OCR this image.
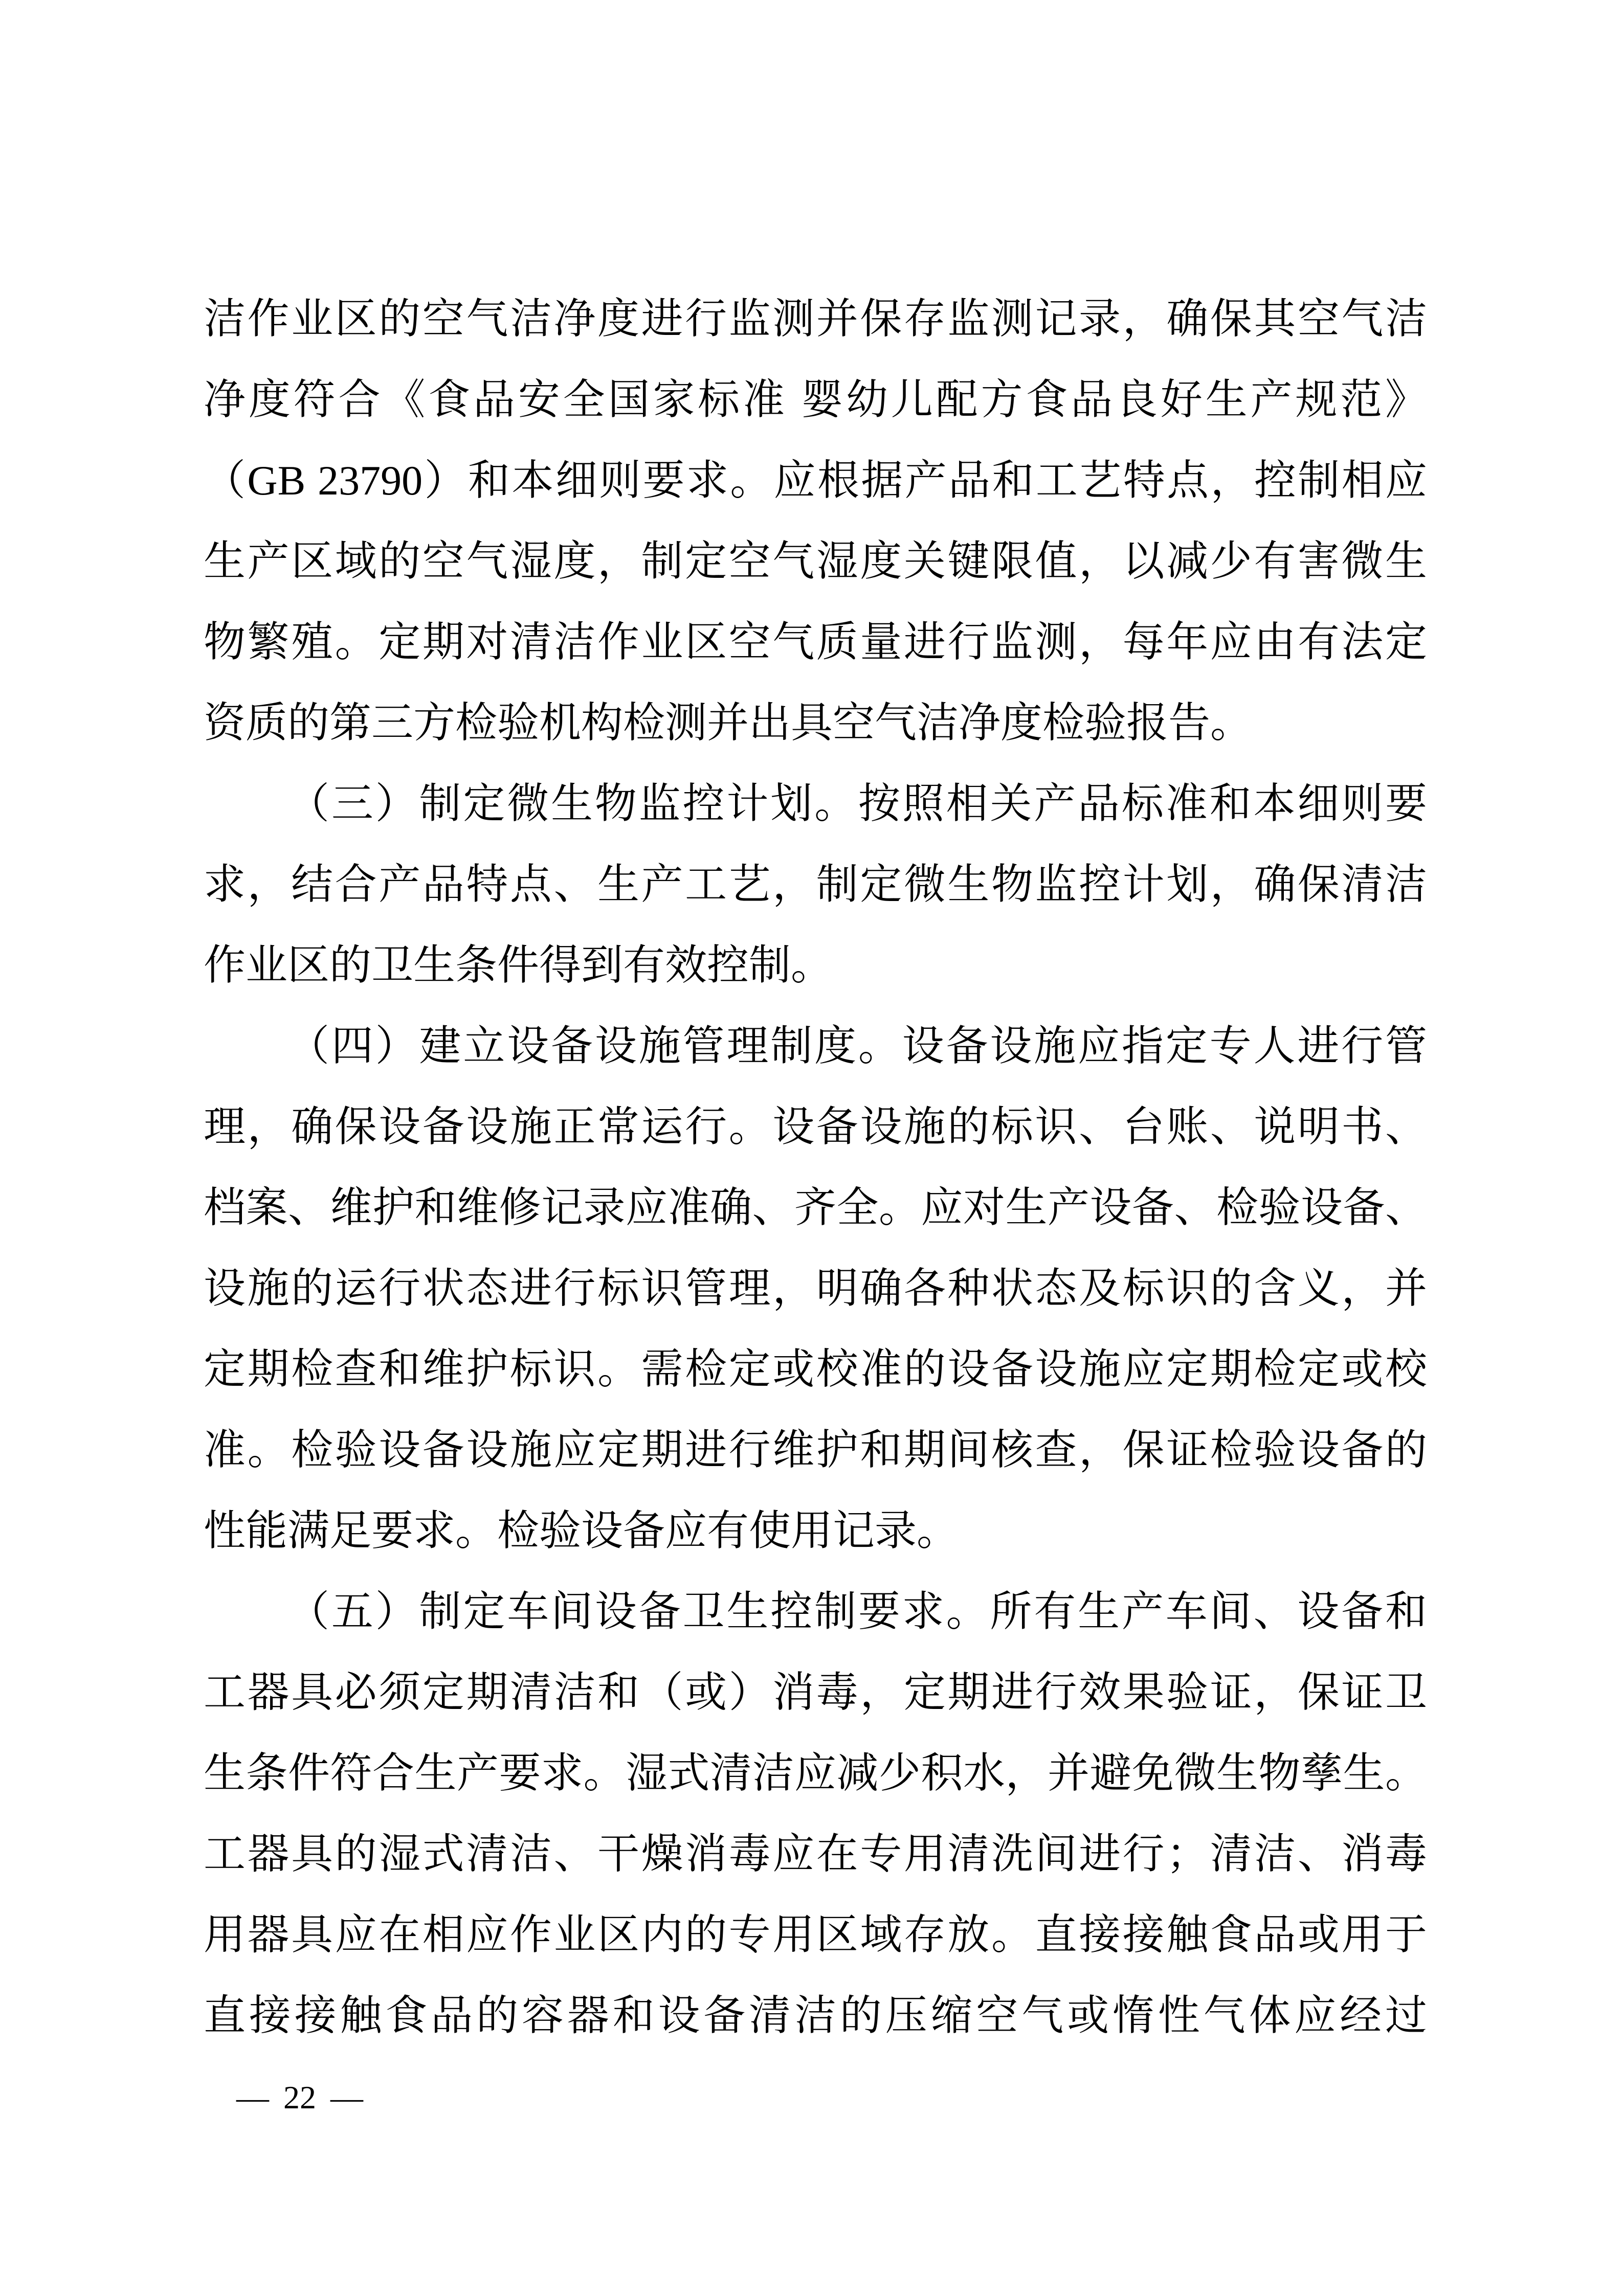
洁作业区的空气洁净度进行监测并保存监测记录，确保其空气洁
净度符合《食品安全国家标准 婴幼儿配方食品良好生产规范》
（GB 23790）和本细则要求。应根据产品和工艺特点，控制相应
生产区域的空气湿度，制定空气湿度关键限值，以减少有害微生
物繁殖。定期对清洁作业区空气质量进行监测，每年应由有法定
资质的第三方检验机构检测并出具空气洁净度检验报告。
（三）制定微生物监控计划。按照相关产品标准和本细则要
求，结合产品特点、生产工艺，制定微生物监控计划，确保清洁
作业区的卫生条件得到有效控制。
（四）建立设备设施管理制度。设备设施应指定专人进行管
理，确保设备设施正常运行。设备设施的标识、台账、说明书、
档案、维护和维修记录应准确、齐全。应对生产设备、检验设备、
设施的运行状态进行标识管理，明确各种状态及标识的含义，并
定期检查和维护标识。需检定或校准的设备设施应定期检定或校
准。检验设备设施应定期进行维护和期间核查，保证检验设备的
性能满足要求。检验设备应有使用记录。
（五）制定车间设备卫生控制要求。所有生产车间、设备和
工器具必须定期清洁和（或）消毒，定期进行效果验证，保证卫
生条件符合生产要求。湿式清洁应减少积水，并避免微生物孳生。
工器具的湿式清洁、干燥消毒应在专用清洗间进行；清洁、消毒
用器具应在相应作业区内的专用区域存放。直接接触食品或用于
直接接触食品的容器和设备清洁的压缩空气或惰性气体应经过
— 22 —
